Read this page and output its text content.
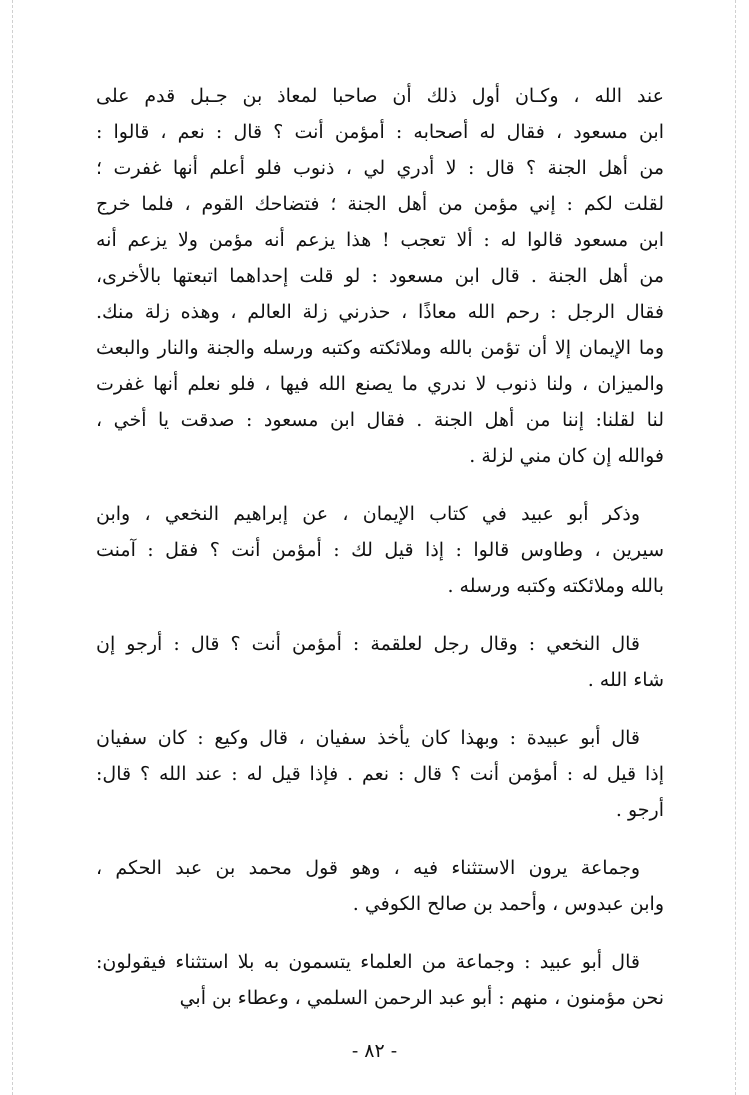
عند الله ، وكـان أول ذلك أن صاحبا لمعاذ بن جـبل قدم على
ابن مسعود ، فقال له أصحابه : أمؤمن أنت ؟ قال : نعم ، قالوا :
من أهل الجنة ؟ قال : لا أدري لي ، ذنوب فلو أعلم أنها غفرت ؛
لقلت لكم : إني مؤمن من أهل الجنة ؛ فتضاحك القوم ، فلما خرج
ابن مسعود قالوا له : ألا تعجب ! هذا يزعم أنه مؤمن ولا يزعم أنه
من أهل الجنة . قال ابن مسعود : لو قلت إحداهما اتبعتها بالأخرى،
فقال الرجل : رحم الله معاذًا ، حذرني زلة العالم ، وهذه زلة منك.
وما الإيمان إلا أن تؤمن بالله وملائكته وكتبه ورسله والجنة والنار والبعث
والميزان ، ولنا ذنوب لا ندري ما يصنع الله فيها ، فلو نعلم أنها غفرت
لنا لقلنا: إننا من أهل الجنة . فقال ابن مسعود : صدقت يا أخي ،
فوالله إن كان مني لزلة .
وذكر أبو عبيد في كتاب الإيمان ، عن إبراهيم النخعي ، وابن
سيرين ، وطاوس قالوا : إذا قيل لك : أمؤمن أنت ؟ فقل : آمنت
بالله وملائكته وكتبه ورسله .
قال النخعي : وقال رجل لعلقمة : أمؤمن أنت ؟ قال : أرجو إن
شاء الله .
قال أبو عبيدة : وبهذا كان يأخذ سفيان ، قال وكيع : كان سفيان
إذا قيل له : أمؤمن أنت ؟ قال : نعم . فإذا قيل له : عند الله ؟ قال:
أرجو .
وجماعة يرون الاستثناء فيه ، وهو قول محمد بن عبد الحكم ،
وابن عبدوس ، وأحمد بن صالح الكوفي .
قال أبو عبيد : وجماعة من العلماء يتسمون به بلا استثناء فيقولون:
نحن مؤمنون ، منهم : أبو عبد الرحمن السلمي ، وعطاء بن أبي
- ٨٢ -
